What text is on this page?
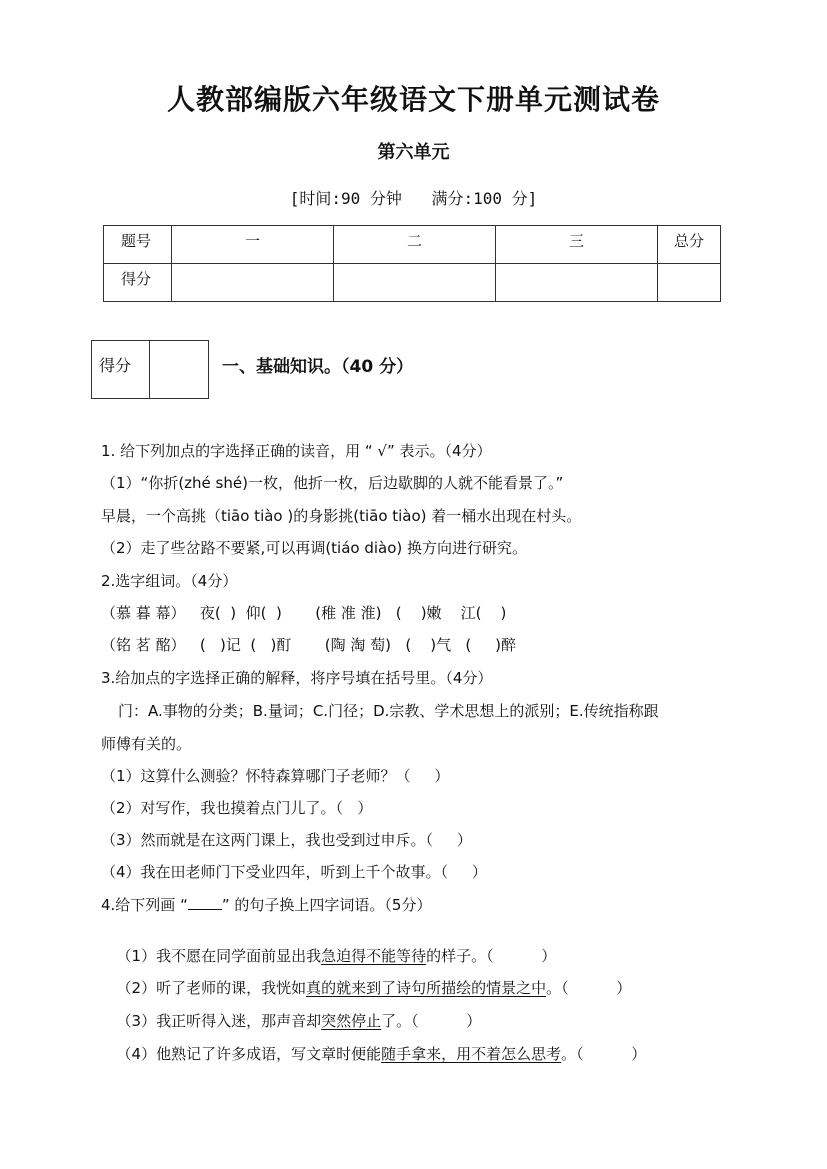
人教部编版六年级语文下册单元测试卷
第六单元
[时间:90 分钟 满分:100 分]
题号	一	二	三	总分

得分				

得分	一、基础知识。（40 分）
1. 给下列加点的字选择正确的读音，用 “ √” 表示。（4分）
（1）“你折(zhé shé)一枚，他折一枚，后边歇脚的人就不能看景了。”
早晨，一个高挑（tiāo tiào )的身影挑(tiāo tiào) 着一桶水出现在村头。
（2）走了些岔路不要紧,可以再调(tiáo diào) 换方向进行研究。
2.选字组词。（4分）
（慕 暮 幕）   夜(  )  仰(  )       (稚 准 淮)   (    )嫩    江(    )
（铭 茗 酩）   (   )记  (   )酊       (陶 淘 萄)   (    )气   (     )醉
3.给加点的字选择正确的解释，将序号填在括号里。（4分）
门：A.事物的分类；B.量词；C.门径；D.宗教、学术思想上的派别；E.传统指称跟
师傅有关的。
（1）这算什么测验？怀特森算哪门子老师？（     ）
（2）对写作，我也摸着点门儿了。（   ）
（3）然而就是在这两门课上，我也受到过申斥。（     ）
（4）我在田老师门下受业四年，听到上千个故事。（     ）
4.给下列画 “ ” 的句子换上四字词语。（5分）

（1）我不愿在同学面前显出我急迫得不能等待的样子。（          ）

（2）听了老师的课，我恍如真的就来到了诗句所描绘的情景之中。（          ）

（3）我正听得入迷，那声音却突然停止了。（          ）

（4）他熟记了许多成语，写文章时便能随手拿来，用不着怎么思考。（          ）
